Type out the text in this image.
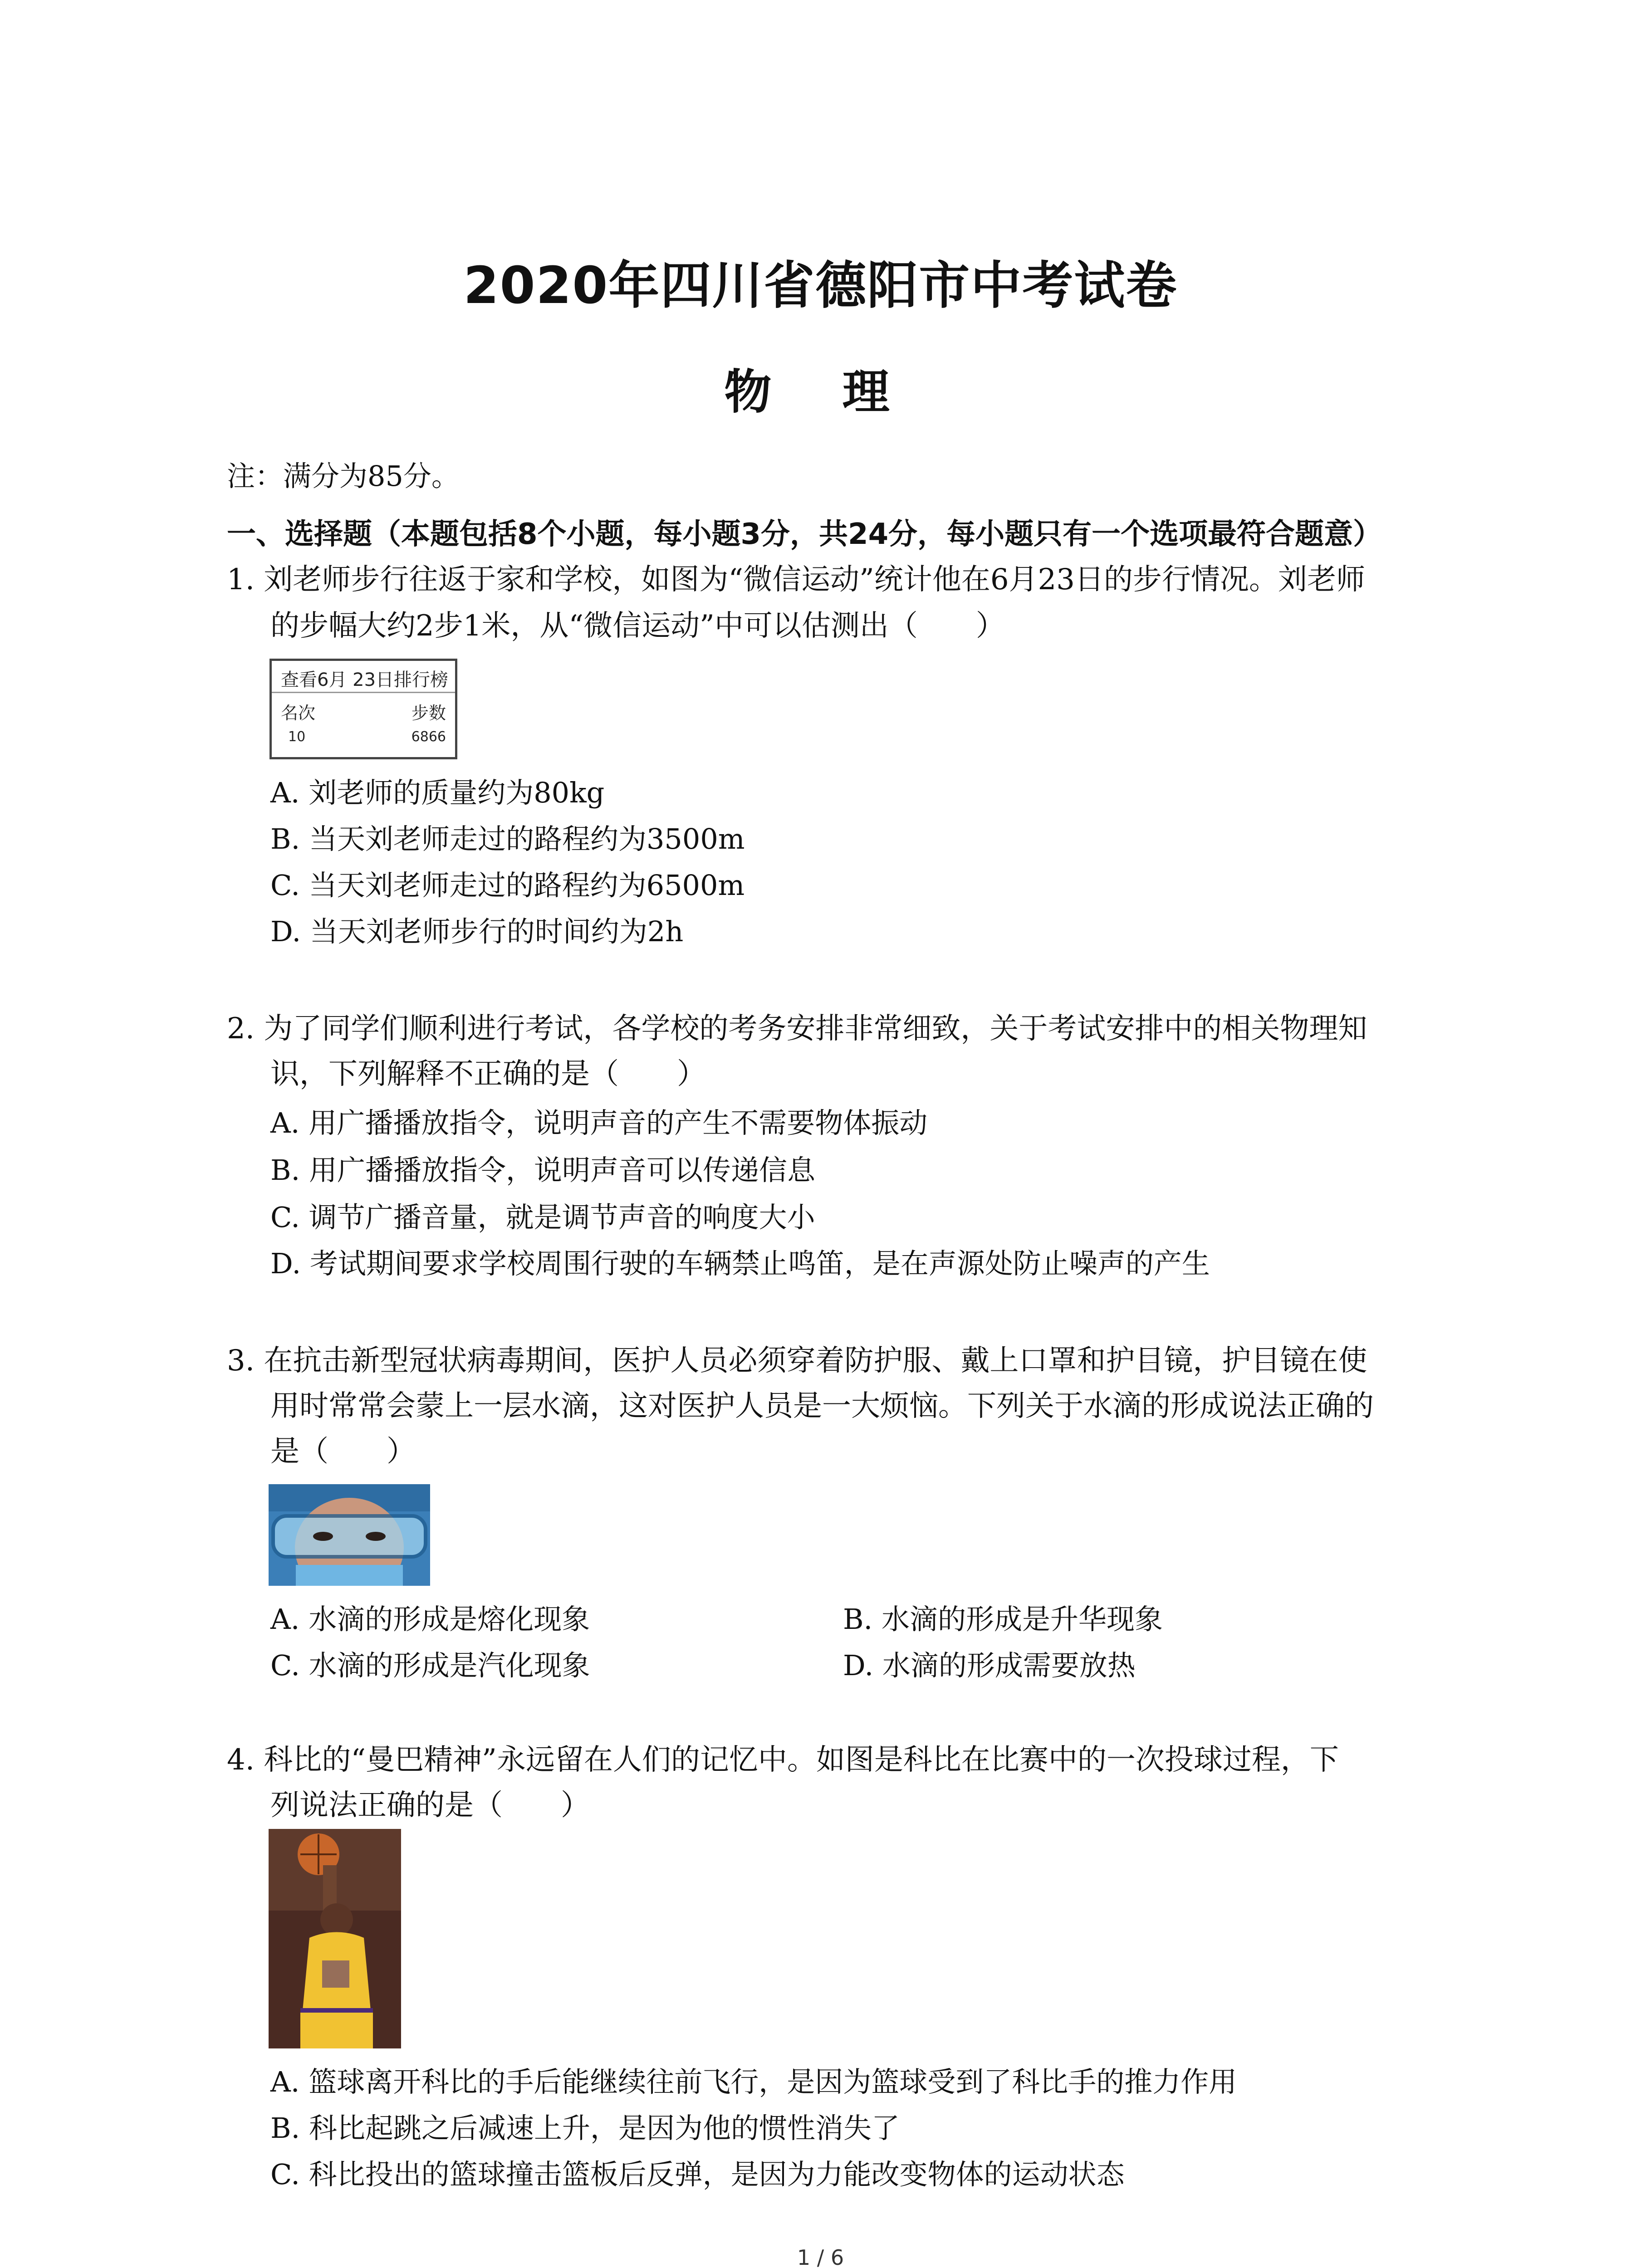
2020年四川省德阳市中考试卷
物 理
注：满分为85分。
一、选择题（本题包括8个小题，每小题3分，共24分，每小题只有一个选项最符合题意）
1. 刘老师步行往返于家和学校，如图为“微信运动”统计他在6月23日的步行情况。刘老师
的步幅大约2步1米，从“微信运动”中可以估测出（　　）
查看6月 23日排行榜
名次	步数
10	6866
A. 刘老师的质量约为80kg
B. 当天刘老师走过的路程约为3500m
C. 当天刘老师走过的路程约为6500m
D. 当天刘老师步行的时间约为2h
2. 为了同学们顺利进行考试，各学校的考务安排非常细致，关于考试安排中的相关物理知
识，下列解释不正确的是（　　）
A. 用广播播放指令，说明声音的产生不需要物体振动
B. 用广播播放指令，说明声音可以传递信息
C. 调节广播音量，就是调节声音的响度大小
D. 考试期间要求学校周围行驶的车辆禁止鸣笛，是在声源处防止噪声的产生
3. 在抗击新型冠状病毒期间，医护人员必须穿着防护服、戴上口罩和护目镜，护目镜在使
用时常常会蒙上一层水滴，这对医护人员是一大烦恼。下列关于水滴的形成说法正确的
是（　　）
A. 水滴的形成是熔化现象	B. 水滴的形成是升华现象
C. 水滴的形成是汽化现象	D. 水滴的形成需要放热
4. 科比的“曼巴精神”永远留在人们的记忆中。如图是科比在比赛中的一次投球过程，下
列说法正确的是（　　）
A. 篮球离开科比的手后能继续往前飞行，是因为篮球受到了科比手的推力作用
B. 科比起跳之后减速上升，是因为他的惯性消失了
C. 科比投出的篮球撞击篮板后反弹，是因为力能改变物体的运动状态
1 / 6
